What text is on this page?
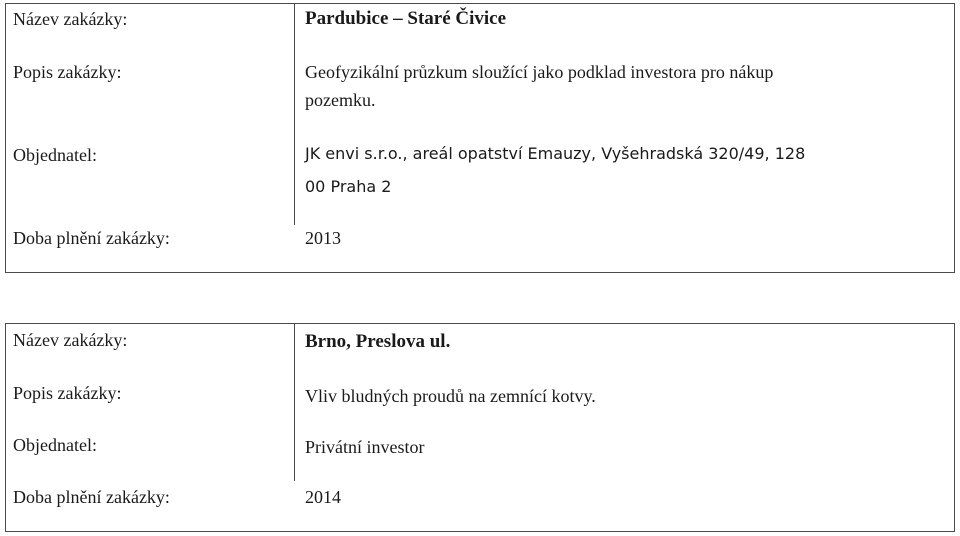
Název zakázky:	Pardubice – Staré Čivice
Popis zakázky:	Geofyzikální průzkum sloužící jako podklad investora pro nákup
pozemku.
Objednatel:	JK envi s.r.o., areál opatství Emauzy, Vyšehradská 320/49, 128
00 Praha 2
Doba plnění zakázky:	2013
Název zakázky:	Brno, Preslova ul.
Popis zakázky:	Vliv bludných proudů na zemnící kotvy.
Objednatel:	Privátní investor
Doba plnění zakázky:	2014
